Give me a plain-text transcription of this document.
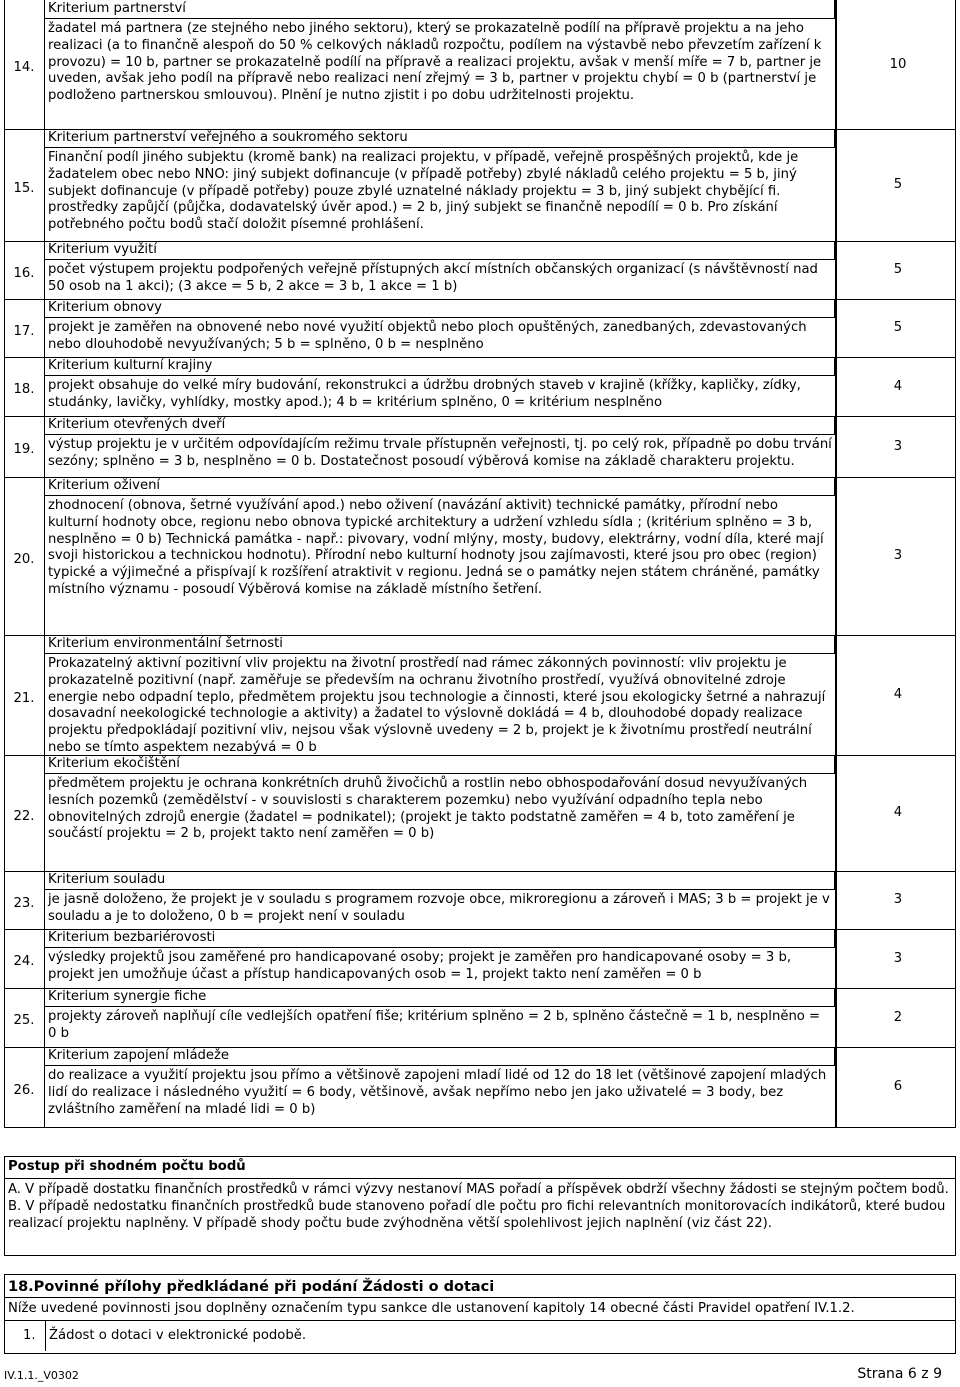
14.
Kriterium partnerství
žadatel má partnera (ze stejného nebo jiného sektoru), který se prokazatelně podílí na přípravě projektu a na jeho realizaci (a to finančně alespoň do 50 % celkových nákladů rozpočtu, podílem na výstavbě nebo převzetím zařízení k provozu) = 10 b, partner se prokazatelně podílí na přípravě a realizaci projektu, avšak v menší míře = 7 b, partner je uveden, avšak jeho podíl na přípravě nebo realizaci není zřejmý = 3 b, partner v projektu chybí = 0 b (partnerství je podloženo partnerskou smlouvou). Plnění je nutno zjistit i po dobu udržitelnosti projektu.
10
15.
Kriterium partnerství veřejného a soukromého sektoru
Finanční podíl jiného subjektu (kromě bank) na realizaci projektu, v případě, veřejně prospěšných projektů, kde je žadatelem obec nebo NNO: jiný subjekt dofinancuje (v případě potřeby) zbylé nákladů celého projektu = 5 b, jiný subjekt dofinancuje (v případě potřeby) pouze zbylé uznatelné náklady projektu = 3 b, jiný subjekt chybějící fi. prostředky zapůjčí (půjčka, dodavatelský úvěr apod.) = 2 b, jiný subjekt se finančně nepodílí = 0 b. Pro získání potřebného počtu bodů stačí doložit písemné prohlášení.
5
16.
Kriterium využití
počet výstupem projektu podpořených veřejně přístupných akcí místních občanských organizací (s návštěvností nad 50 osob na 1 akci); (3 akce = 5 b, 2 akce = 3 b, 1 akce = 1 b)
5
17.
Kriterium obnovy
projekt je zaměřen na obnovené nebo nové využití objektů nebo ploch opuštěných, zanedbaných, zdevastovaných nebo dlouhodobě nevyužívaných; 5 b = splněno, 0 b = nesplněno
5
18.
Kriterium kulturní krajiny
projekt obsahuje do velké míry budování, rekonstrukci a údržbu drobných staveb v krajině (křížky, kapličky, zídky, studánky, lavičky, vyhlídky, mostky apod.); 4 b = kritérium splněno, 0 = kritérium nesplněno
4
19.
Kriterium otevřených dveří
výstup projektu je v určitém odpovídajícím režimu trvale přístupněn veřejnosti, tj. po celý rok, případně po dobu trvání sezóny; splněno = 3 b, nesplněno = 0 b. Dostatečnost posoudí výběrová komise na základě charakteru projektu.
3
20.
Kriterium oživení
zhodnocení (obnova, šetrné využívání apod.) nebo oživení (navázání aktivit) technické památky, přírodní nebo kulturní hodnoty obce, regionu nebo obnova typické architektury a udržení vzhledu sídla ; (kritérium splněno = 3 b, nesplněno = 0 b) Technická památka - např.: pivovary, vodní mlýny, mosty, budovy, elektrárny, vodní díla, které mají svoji historickou a technickou hodnotu). Přírodní nebo kulturní hodnoty jsou zajímavosti, které jsou pro obec (region) typické a výjimečné a přispívají k rozšíření atraktivit v regionu. Jedná se o památky nejen státem chráněné, památky místního významu - posoudí Výběrová komise na základě místního šetření.
3
21.
Kriterium environmentální šetrnosti
Prokazatelný aktivní pozitivní vliv projektu na životní prostředí nad rámec zákonných povinností: vliv projektu je prokazatelně pozitivní (např. zaměřuje se především na ochranu životního prostředí, využívá obnovitelné zdroje energie nebo odpadní teplo, předmětem projektu jsou technologie a činnosti, které jsou ekologicky šetrné a nahrazují dosavadní neekologické technologie a aktivity) a žadatel to výslovně dokládá = 4 b, dlouhodobé dopady realizace projektu předpokládají pozitivní vliv, nejsou však výslovně uvedeny = 2 b, projekt je k životnímu prostředí neutrální nebo se tímto aspektem nezabývá = 0 b
4
22.
Kriterium ekočištění
předmětem projektu je ochrana konkrétních druhů živočichů a rostlin nebo obhospodařování dosud nevyužívaných lesních pozemků (zemědělství - v souvislosti s charakterem pozemku) nebo využívání odpadního tepla nebo obnovitelných zdrojů energie (žadatel = podnikatel); (projekt je takto podstatně zaměřen = 4 b, toto zaměření je součástí projektu = 2 b, projekt takto není zaměřen = 0 b)
4
23.
Kriterium souladu
je jasně doloženo, že projekt je v souladu s programem rozvoje obce, mikroregionu a zároveň i MAS; 3 b = projekt je v souladu a je to doloženo, 0 b = projekt není v souladu
3
24.
Kriterium bezbariérovosti
výsledky projektů jsou zaměřené pro handicapované osoby; projekt je zaměřen pro handicapované osoby = 3 b, projekt jen umožňuje účast a přístup handicapovaných osob = 1, projekt takto není zaměřen = 0 b
3
25.
Kriterium synergie fiche
projekty zároveň naplňují cíle vedlejších opatření fiše; kritérium splněno = 2 b, splněno částečně = 1 b, nesplněno = 0 b
2
26.
Kriterium zapojení mládeže
do realizace a využití projektu jsou přímo a většinově zapojeni mladí lidé od 12 do 18 let (většinové zapojení mladých lidí do realizace i následného využití = 6 body, většinově, avšak nepřímo nebo jen jako uživatelé = 3 body, bez zvláštního zaměření na mladé lidi = 0 b)
6
Postup při shodném počtu bodů
A. V případě dostatku finančních prostředků v rámci výzvy nestanoví MAS pořadí a příspěvek obdrží všechny žádosti se stejným počtem bodů.
B. V případě nedostatku finančních prostředků bude stanoveno pořadí dle počtu pro fichi relevantních monitorovacích indikátorů, které budou realizací projektu naplněny. V případě shody počtu bude zvýhodněna větší spolehlivost jejich naplnění (viz část 22).
18.Povinné přílohy předkládané při podání Žádosti o dotaci
Níže uvedené povinnosti jsou doplněny označením typu sankce dle ustanovení kapitoly 14 obecné části Pravidel opatření IV.1.2.
1. Žádost o dotaci v elektronické podobě.
IV.1.1._V0302	Strana 6 z 9
